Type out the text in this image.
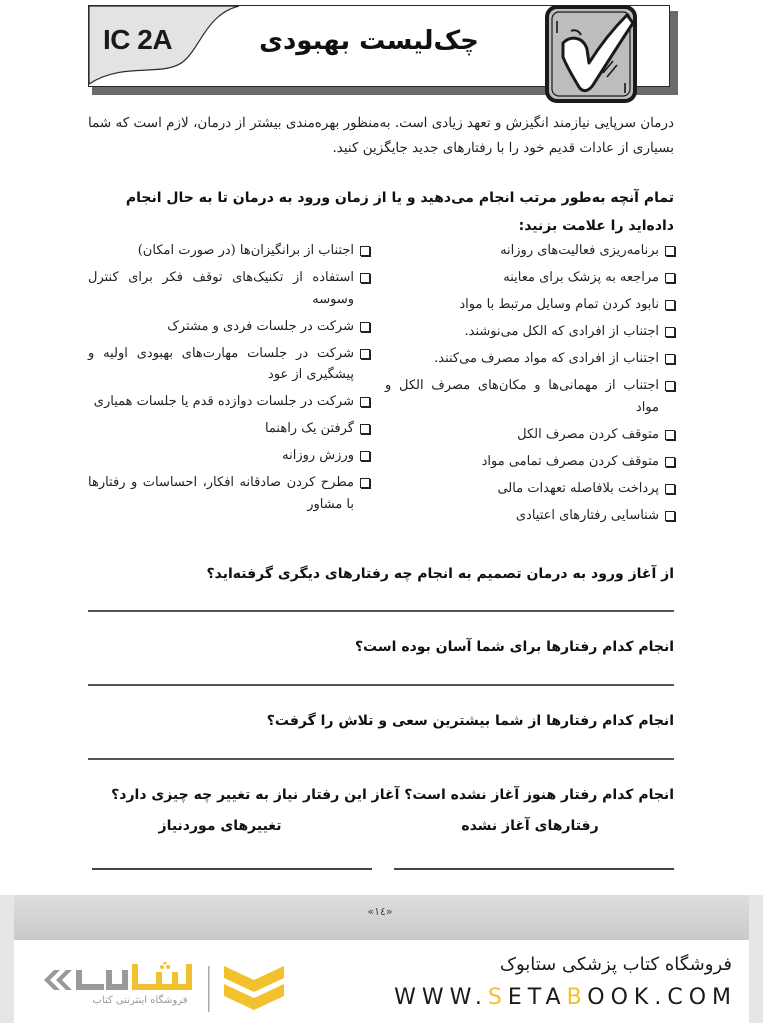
IC 2A	چک‌لیست بهبودی

درمان سرپایی نیازمند انگیزش و تعهد زیادی است. به‌منظور بهره‌مندی بیشتر از درمان، لازم است که شما بسیاری از عادات قدیم خود را با رفتارهای جدید جایگزین کنید.

تمام آنچه به‌طور مرتب انجام می‌دهید و یا از زمان ورود به درمان تا به حال انجام داده‌اید را علامت بزنید:

برنامه‌ریزی فعالیت‌های روزانه
مراجعه به پزشک برای معاینه
نابود کردن تمام وسایل مرتبط با مواد
اجتناب از افرادی که الکل می‌نوشند.
اجتناب از افرادی که مواد مصرف می‌کنند.
اجتناب از مهمانی‌ها و مکان‌های مصرف الکل و مواد
متوقف کردن مصرف الکل
متوقف کردن مصرف تمامی مواد
پرداخت بلافاصله تعهدات مالی
شناسایی رفتارهای اعتیادی
اجتناب از برانگیزان‌ها (در صورت امکان)
استفاده از تکنیک‌های توقف فکر برای کنترل وسوسه
شرکت در جلسات فردی و مشترک
شرکت در جلسات مهارت‌های بهبودی اولیه و پیشگیری از عود
شرکت در جلسات دوازده قدم یا جلسات همیاری
گرفتن یک راهنما
ورزش روزانه
مطرح کردن صادقانه افکار، احساسات و رفتارها با مشاور

از آغاز ورود به درمان تصمیم به انجام چه رفتارهای دیگری گرفته‌اید؟

انجام کدام رفتارها برای شما آسان بوده است؟

انجام کدام رفتارها از شما بیشترین سعی و تلاش را گرفت؟

انجام کدام رفتار هنوز آغاز نشده است؟ آغاز این رفتار نیاز به تغییر چه چیزی دارد؟

رفتارهای آغاز نشده
تغییرهای موردنیاز
«١٤»
فروشگاه کتاب پزشکی ستابوک
WWW.SETABOOK.COM
فروشگاه اینترنتی کتاب
